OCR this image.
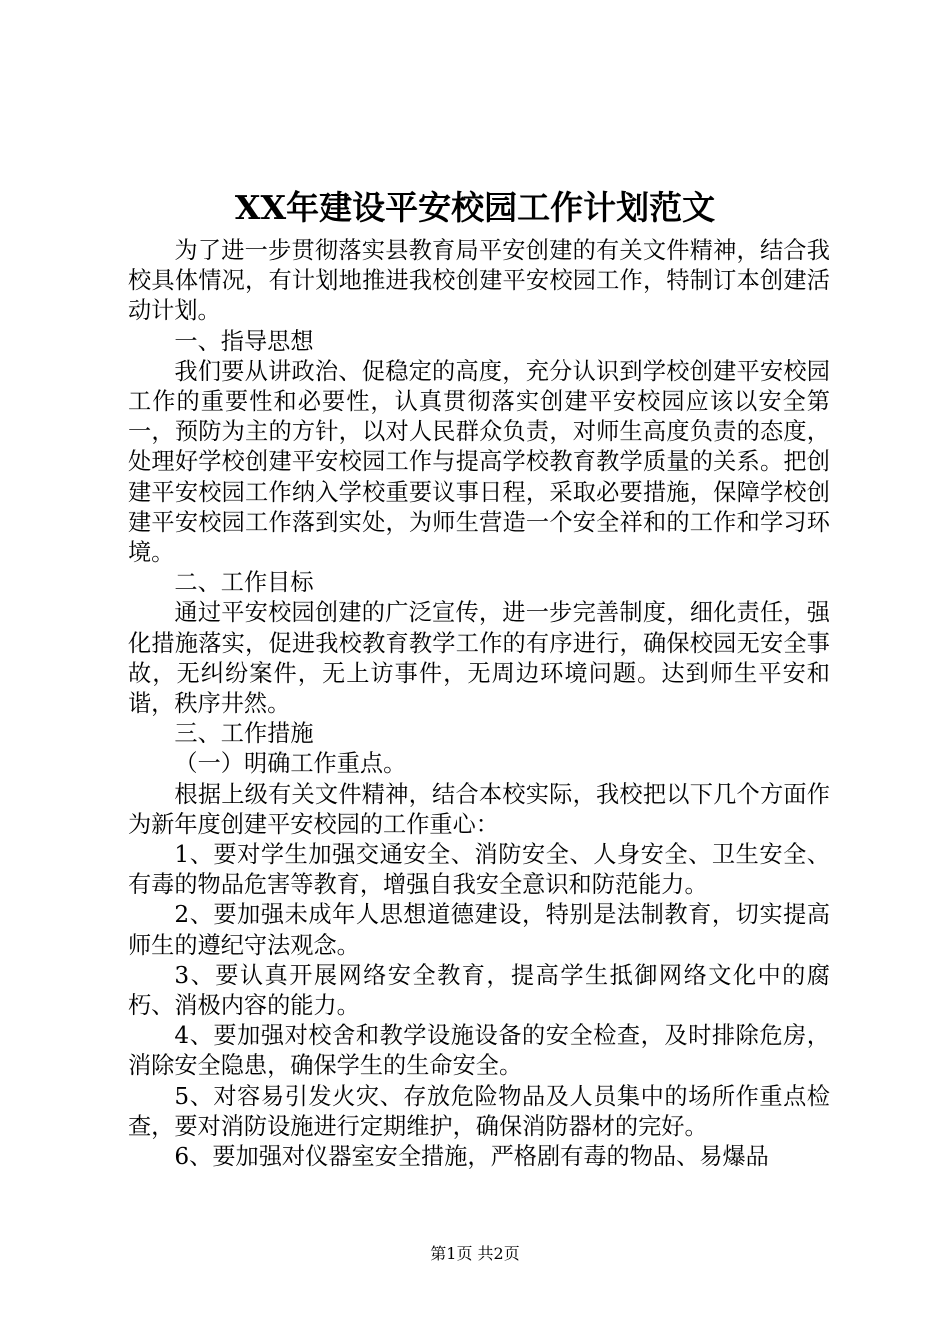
XX年建设平安校园工作计划范文

为了进一步贯彻落实县教育局平安创建的有关文件精神，结合我校具体情况，有计划地推进我校创建平安校园工作，特制订本创建活动计划。

一、指导思想

我们要从讲政治、促稳定的高度，充分认识到学校创建平安校园工作的重要性和必要性，认真贯彻落实创建平安校园应该以安全第一，预防为主的方针，以对人民群众负责，对师生高度负责的态度，处理好学校创建平安校园工作与提高学校教育教学质量的关系。把创建平安校园工作纳入学校重要议事日程，采取必要措施，保障学校创建平安校园工作落到实处，为师生营造一个安全祥和的工作和学习环境。

二、工作目标

通过平安校园创建的广泛宣传，进一步完善制度，细化责任，强化措施落实，促进我校教育教学工作的有序进行，确保校园无安全事故，无纠纷案件，无上访事件，无周边环境问题。达到师生平安和谐，秩序井然。

三、工作措施

（一）明确工作重点。

根据上级有关文件精神，结合本校实际，我校把以下几个方面作为新年度创建平安校园的工作重心：

1、要对学生加强交通安全、消防安全、人身安全、卫生安全、有毒的物品危害等教育，增强自我安全意识和防范能力。

2、要加强未成年人思想道德建设，特别是法制教育，切实提高师生的遵纪守法观念。

3、要认真开展网络安全教育，提高学生抵御网络文化中的腐朽、消极内容的能力。

4、要加强对校舍和教学设施设备的安全检查，及时排除危房，消除安全隐患，确保学生的生命安全。

5、对容易引发火灾、存放危险物品及人员集中的场所作重点检查，要对消防设施进行定期维护，确保消防器材的完好。

6、要加强对仪器室安全措施，严格剧有毒的物品、易爆品

第1页 共2页
